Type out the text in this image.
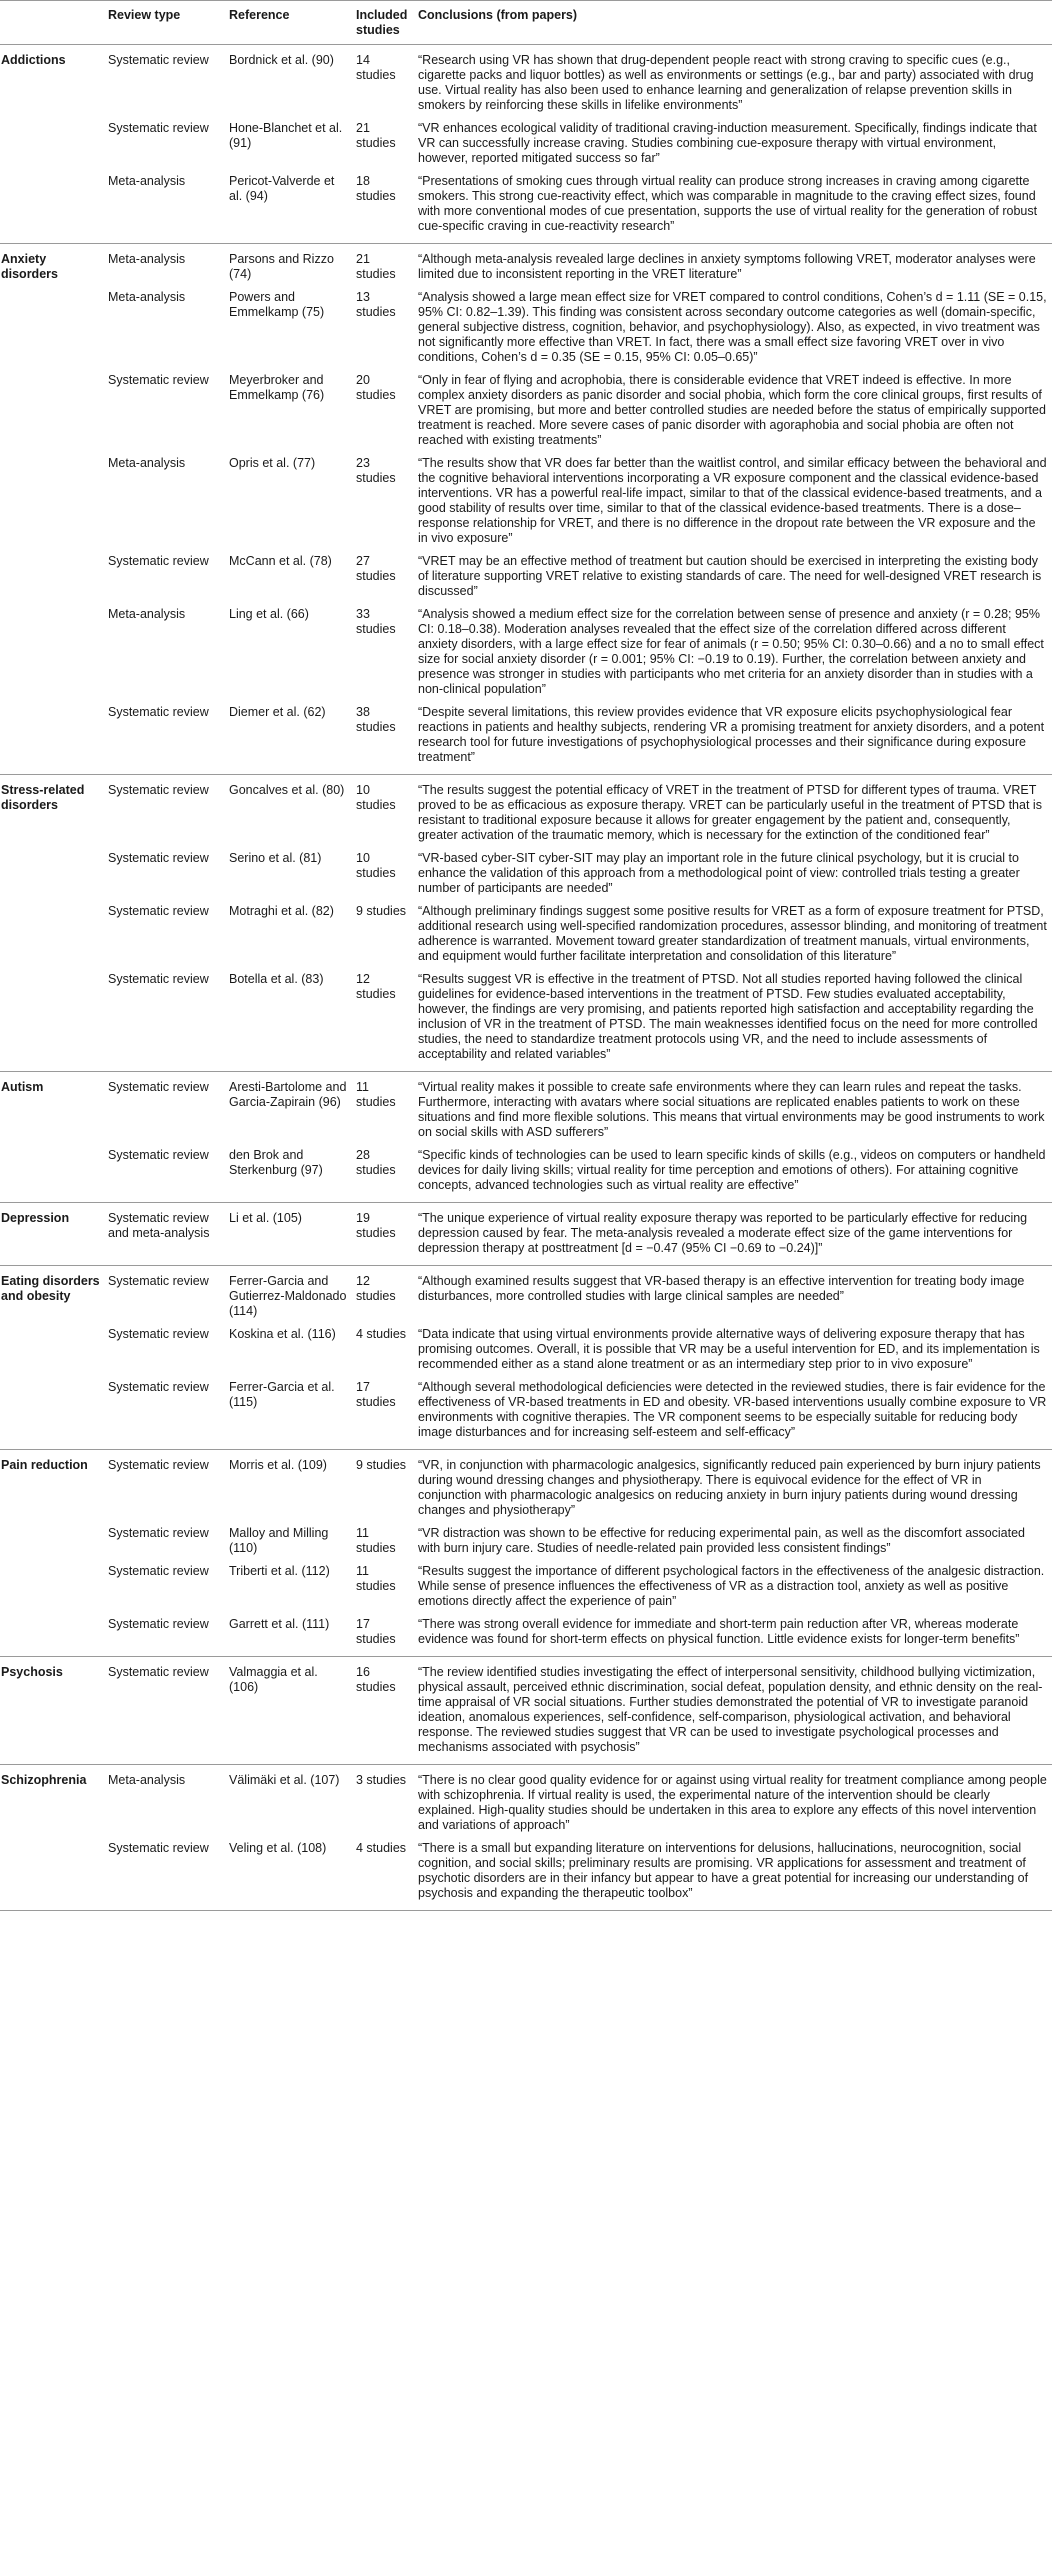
	Review type	Reference	Included studies	Conclusions (from papers)
Addictions	Systematic review	Bordnick et al. (90)	14 studies	“Research using VR has shown that drug-dependent people react with strong craving to specific cues (e.g., cigarette packs and liquor bottles) as well as environments or settings (e.g., bar and party) associated with drug use. Virtual reality has also been used to enhance learning and generalization of relapse prevention skills in smokers by reinforcing these skills in lifelike environments”
	Systematic review	Hone-Blanchet et al. (91)	21 studies	“VR enhances ecological validity of traditional craving-induction measurement. Specifically, findings indicate that VR can successfully increase craving. Studies combining cue-exposure therapy with virtual environment, however, reported mitigated success so far”
	Meta-analysis	Pericot-Valverde et al. (94)	18 studies	“Presentations of smoking cues through virtual reality can produce strong increases in craving among cigarette smokers. This strong cue-reactivity effect, which was comparable in magnitude to the craving effect sizes, found with more conventional modes of cue presentation, supports the use of virtual reality for the generation of robust cue-specific craving in cue-reactivity research”
Anxiety disorders	Meta-analysis	Parsons and Rizzo (74)	21 studies	“Although meta-analysis revealed large declines in anxiety symptoms following VRET, moderator analyses were limited due to inconsistent reporting in the VRET literature”
	Meta-analysis	Powers and Emmelkamp (75)	13 studies	“Analysis showed a large mean effect size for VRET compared to control conditions, Cohen’s d = 1.11 (SE = 0.15, 95% CI: 0.82–1.39). This finding was consistent across secondary outcome categories as well (domain-specific, general subjective distress, cognition, behavior, and psychophysiology). Also, as expected, in vivo treatment was not significantly more effective than VRET. In fact, there was a small effect size favoring VRET over in vivo conditions, Cohen’s d = 0.35 (SE = 0.15, 95% CI: 0.05–0.65)”
	Systematic review	Meyerbroker and Emmelkamp (76)	20 studies	“Only in fear of flying and acrophobia, there is considerable evidence that VRET indeed is effective. In more complex anxiety disorders as panic disorder and social phobia, which form the core clinical groups, first results of VRET are promising, but more and better controlled studies are needed before the status of empirically supported treatment is reached. More severe cases of panic disorder with agoraphobia and social phobia are often not reached with existing treatments”
	Meta-analysis	Opris et al. (77)	23 studies	“The results show that VR does far better than the waitlist control, and similar efficacy between the behavioral and the cognitive behavioral interventions incorporating a VR exposure component and the classical evidence-based interventions. VR has a powerful real-life impact, similar to that of the classical evidence-based treatments, and a good stability of results over time, similar to that of the classical evidence-based treatments. There is a dose–response relationship for VRET, and there is no difference in the dropout rate between the VR exposure and the in vivo exposure”
	Systematic review	McCann et al. (78)	27 studies	“VRET may be an effective method of treatment but caution should be exercised in interpreting the existing body of literature supporting VRET relative to existing standards of care. The need for well-designed VRET research is discussed”
	Meta-analysis	Ling et al. (66)	33 studies	“Analysis showed a medium effect size for the correlation between sense of presence and anxiety (r = 0.28; 95% CI: 0.18–0.38). Moderation analyses revealed that the effect size of the correlation differed across different anxiety disorders, with a large effect size for fear of animals (r = 0.50; 95% CI: 0.30–0.66) and a no to small effect size for social anxiety disorder (r = 0.001; 95% CI: −0.19 to 0.19). Further, the correlation between anxiety and presence was stronger in studies with participants who met criteria for an anxiety disorder than in studies with a non-clinical population”
	Systematic review	Diemer et al. (62)	38 studies	“Despite several limitations, this review provides evidence that VR exposure elicits psychophysiological fear reactions in patients and healthy subjects, rendering VR a promising treatment for anxiety disorders, and a potent research tool for future investigations of psychophysiological processes and their significance during exposure treatment”
Stress-related disorders	Systematic review	Goncalves et al. (80)	10 studies	“The results suggest the potential efficacy of VRET in the treatment of PTSD for different types of trauma. VRET proved to be as efficacious as exposure therapy. VRET can be particularly useful in the treatment of PTSD that is resistant to traditional exposure because it allows for greater engagement by the patient and, consequently, greater activation of the traumatic memory, which is necessary for the extinction of the conditioned fear”
	Systematic review	Serino et al. (81)	10 studies	“VR-based cyber-SIT cyber-SIT may play an important role in the future clinical psychology, but it is crucial to enhance the validation of this approach from a methodological point of view: controlled trials testing a greater number of participants are needed”
	Systematic review	Motraghi et al. (82)	9 studies	“Although preliminary findings suggest some positive results for VRET as a form of exposure treatment for PTSD, additional research using well-specified randomization procedures, assessor blinding, and monitoring of treatment adherence is warranted. Movement toward greater standardization of treatment manuals, virtual environments, and equipment would further facilitate interpretation and consolidation of this literature”
	Systematic review	Botella et al. (83)	12 studies	“Results suggest VR is effective in the treatment of PTSD. Not all studies reported having followed the clinical guidelines for evidence-based interventions in the treatment of PTSD. Few studies evaluated acceptability, however, the findings are very promising, and patients reported high satisfaction and acceptability regarding the inclusion of VR in the treatment of PTSD. The main weaknesses identified focus on the need for more controlled studies, the need to standardize treatment protocols using VR, and the need to include assessments of acceptability and related variables”
Autism	Systematic review	Aresti-Bartolome and Garcia-Zapirain (96)	11 studies	“Virtual reality makes it possible to create safe environments where they can learn rules and repeat the tasks. Furthermore, interacting with avatars where social situations are replicated enables patients to work on these situations and find more flexible solutions. This means that virtual environments may be good instruments to work on social skills with ASD sufferers”
	Systematic review	den Brok and Sterkenburg (97)	28 studies	“Specific kinds of technologies can be used to learn specific kinds of skills (e.g., videos on computers or handheld devices for daily living skills; virtual reality for time perception and emotions of others). For attaining cognitive concepts, advanced technologies such as virtual reality are effective”
Depression	Systematic review and meta-analysis	Li et al. (105)	19 studies	“The unique experience of virtual reality exposure therapy was reported to be particularly effective for reducing depression caused by fear. The meta-analysis revealed a moderate effect size of the game interventions for depression therapy at posttreatment [d = −0.47 (95% CI −0.69 to −0.24)]”
Eating disorders and obesity	Systematic review	Ferrer-Garcia and Gutierrez-Maldonado (114)	12 studies	“Although examined results suggest that VR-based therapy is an effective intervention for treating body image disturbances, more controlled studies with large clinical samples are needed”
	Systematic review	Koskina et al. (116)	4 studies	“Data indicate that using virtual environments provide alternative ways of delivering exposure therapy that has promising outcomes. Overall, it is possible that VR may be a useful intervention for ED, and its implementation is recommended either as a stand alone treatment or as an intermediary step prior to in vivo exposure”
	Systematic review	Ferrer-Garcia et al. (115)	17 studies	“Although several methodological deficiencies were detected in the reviewed studies, there is fair evidence for the effectiveness of VR-based treatments in ED and obesity. VR-based interventions usually combine exposure to VR environments with cognitive therapies. The VR component seems to be especially suitable for reducing body image disturbances and for increasing self-esteem and self-efficacy”
Pain reduction	Systematic review	Morris et al. (109)	9 studies	“VR, in conjunction with pharmacologic analgesics, significantly reduced pain experienced by burn injury patients during wound dressing changes and physiotherapy. There is equivocal evidence for the effect of VR in conjunction with pharmacologic analgesics on reducing anxiety in burn injury patients during wound dressing changes and physiotherapy”
	Systematic review	Malloy and Milling (110)	11 studies	“VR distraction was shown to be effective for reducing experimental pain, as well as the discomfort associated with burn injury care. Studies of needle-related pain provided less consistent findings”
	Systematic review	Triberti et al. (112)	11 studies	“Results suggest the importance of different psychological factors in the effectiveness of the analgesic distraction. While sense of presence influences the effectiveness of VR as a distraction tool, anxiety as well as positive emotions directly affect the experience of pain”
	Systematic review	Garrett et al. (111)	17 studies	“There was strong overall evidence for immediate and short-term pain reduction after VR, whereas moderate evidence was found for short-term effects on physical function. Little evidence exists for longer-term benefits”
Psychosis	Systematic review	Valmaggia et al. (106)	16 studies	“The review identified studies investigating the effect of interpersonal sensitivity, childhood bullying victimization, physical assault, perceived ethnic discrimination, social defeat, population density, and ethnic density on the real-time appraisal of VR social situations. Further studies demonstrated the potential of VR to investigate paranoid ideation, anomalous experiences, self-confidence, self-comparison, physiological activation, and behavioral response. The reviewed studies suggest that VR can be used to investigate psychological processes and mechanisms associated with psychosis”
Schizophrenia	Meta-analysis	Välimäki et al. (107)	3 studies	“There is no clear good quality evidence for or against using virtual reality for treatment compliance among people with schizophrenia. If virtual reality is used, the experimental nature of the intervention should be clearly explained. High-quality studies should be undertaken in this area to explore any effects of this novel intervention and variations of approach”
	Systematic review	Veling et al. (108)	4 studies	“There is a small but expanding literature on interventions for delusions, hallucinations, neurocognition, social cognition, and social skills; preliminary results are promising. VR applications for assessment and treatment of psychotic disorders are in their infancy but appear to have a great potential for increasing our understanding of psychosis and expanding the therapeutic toolbox”
